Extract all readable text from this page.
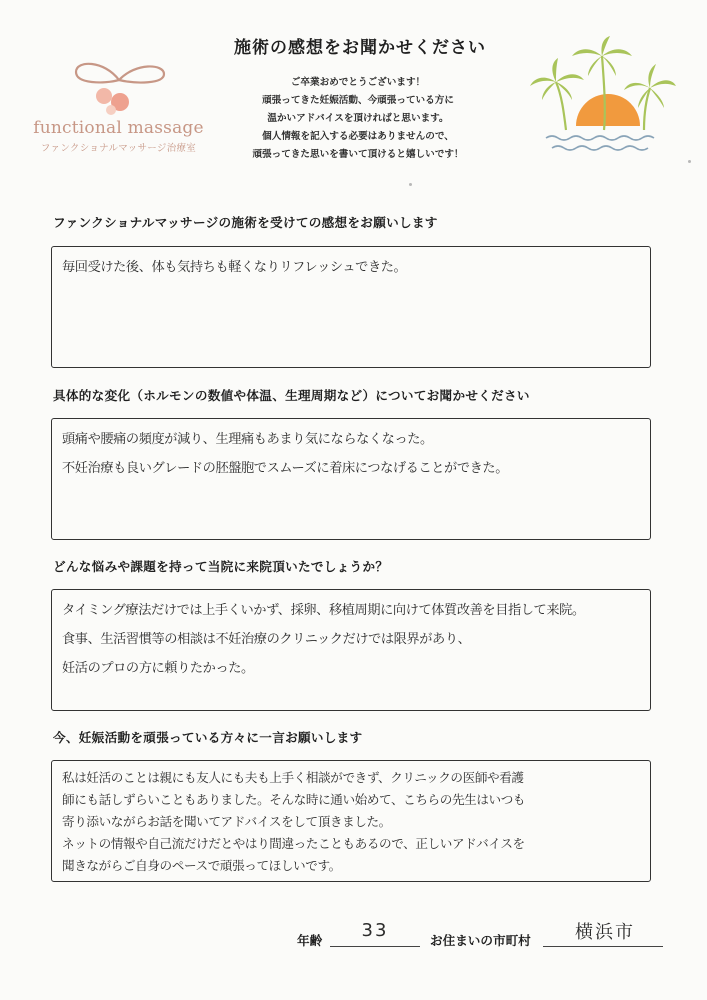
functional massage
ファンクショナルマッサージ治療室
施術の感想をお聞かせください
ご卒業おめでとうございます！
頑張ってきた妊娠活動、今頑張っている方に
温かいアドバイスを頂ければと思います。
個人情報を記入する必要はありませんので、
頑張ってきた思いを書いて頂けると嬉しいです！
ファンクショナルマッサージの施術を受けての感想をお願いします
毎回受けた後、体も気持ちも軽くなりリフレッシュできた。
具体的な変化（ホルモンの数値や体温、生理周期など）についてお聞かせください
頭痛や腰痛の頻度が減り、生理痛もあまり気にならなくなった。
不妊治療も良いグレードの胚盤胞でスムーズに着床につなげることができた。
どんな悩みや課題を持って当院に来院頂いたでしょうか？
タイミング療法だけでは上手くいかず、採卵、移植周期に向けて体質改善を目指して来院。
食事、生活習慣等の相談は不妊治療のクリニックだけでは限界があり、
妊活のプロの方に頼りたかった。
今、妊娠活動を頑張っている方々に一言お願いします
私は妊活のことは親にも友人にも夫も上手く相談ができず、クリニックの医師や看護
師にも話しずらいこともありました。そんな時に通い始めて、こちらの先生はいつも
寄り添いながらお話を聞いてアドバイスをして頂きました。
ネットの情報や自己流だけだとやはり間違ったこともあるので、正しいアドバイスを
聞きながらご自身のペースで頑張ってほしいです。
年齢	33	お住まいの市町村	横浜市
